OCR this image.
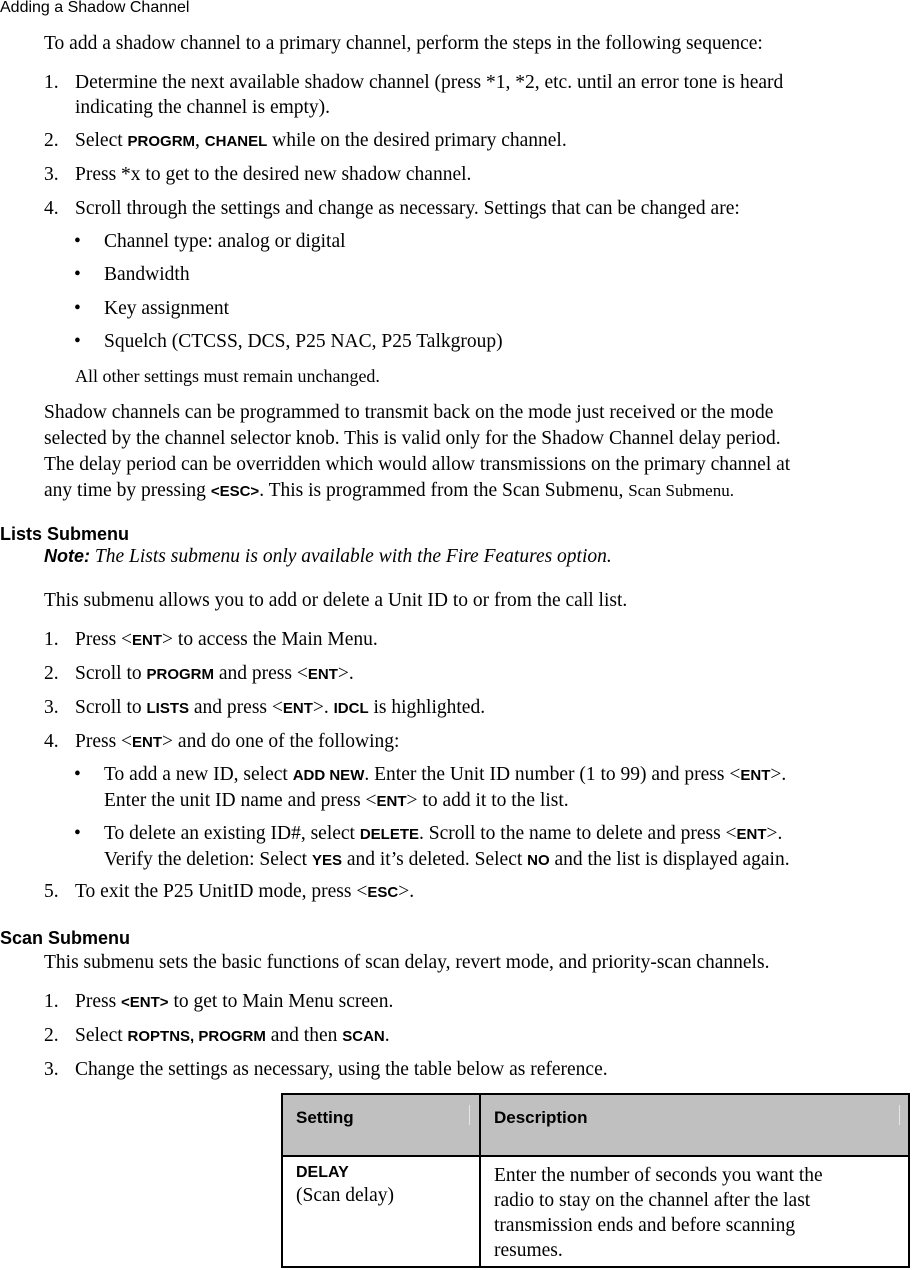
Adding a Shadow Channel
To add a shadow channel to a primary channel, perform the steps in the following sequence:
1. Determine the next available shadow channel (press *1, *2, etc. until an error tone is heard
indicating the channel is empty).
2. Select PROGRM, CHANEL while on the desired primary channel.
3. Press *x to get to the desired new shadow channel.
4. Scroll through the settings and change as necessary. Settings that can be changed are:
• Channel type: analog or digital
• Bandwidth
• Key assignment
• Squelch (CTCSS, DCS, P25 NAC, P25 Talkgroup)
All other settings must remain unchanged.
Shadow channels can be programmed to transmit back on the mode just received or the mode
selected by the channel selector knob. This is valid only for the Shadow Channel delay period.
The delay period can be overridden which would allow transmissions on the primary channel at
any time by pressing <ESC>. This is programmed from the Scan Submenu, Scan Submenu.
Lists Submenu
Note: The Lists submenu is only available with the Fire Features option.
This submenu allows you to add or delete a Unit ID to or from the call list.
1. Press <ENT> to access the Main Menu.
2. Scroll to PROGRM and press <ENT>.
3. Scroll to LISTS and press <ENT>. IDCL is highlighted.
4. Press <ENT> and do one of the following:
• To add a new ID, select ADD NEW. Enter the Unit ID number (1 to 99) and press <ENT>.
Enter the unit ID name and press <ENT> to add it to the list.
• To delete an existing ID#, select DELETE. Scroll to the name to delete and press <ENT>.
Verify the deletion: Select YES and it’s deleted. Select NO and the list is displayed again.
5. To exit the P25 UnitID mode, press <ESC>.
Scan Submenu
This submenu sets the basic functions of scan delay, revert mode, and priority-scan channels.
1. Press <ENT> to get to Main Menu screen.
2. Select ROPTNS, PROGRM and then SCAN.
3. Change the settings as necessary, using the table below as reference.
Setting	Description
DELAY
(Scan delay)
Enter the number of seconds you want the
radio to stay on the channel after the last
transmission ends and before scanning
resumes.
